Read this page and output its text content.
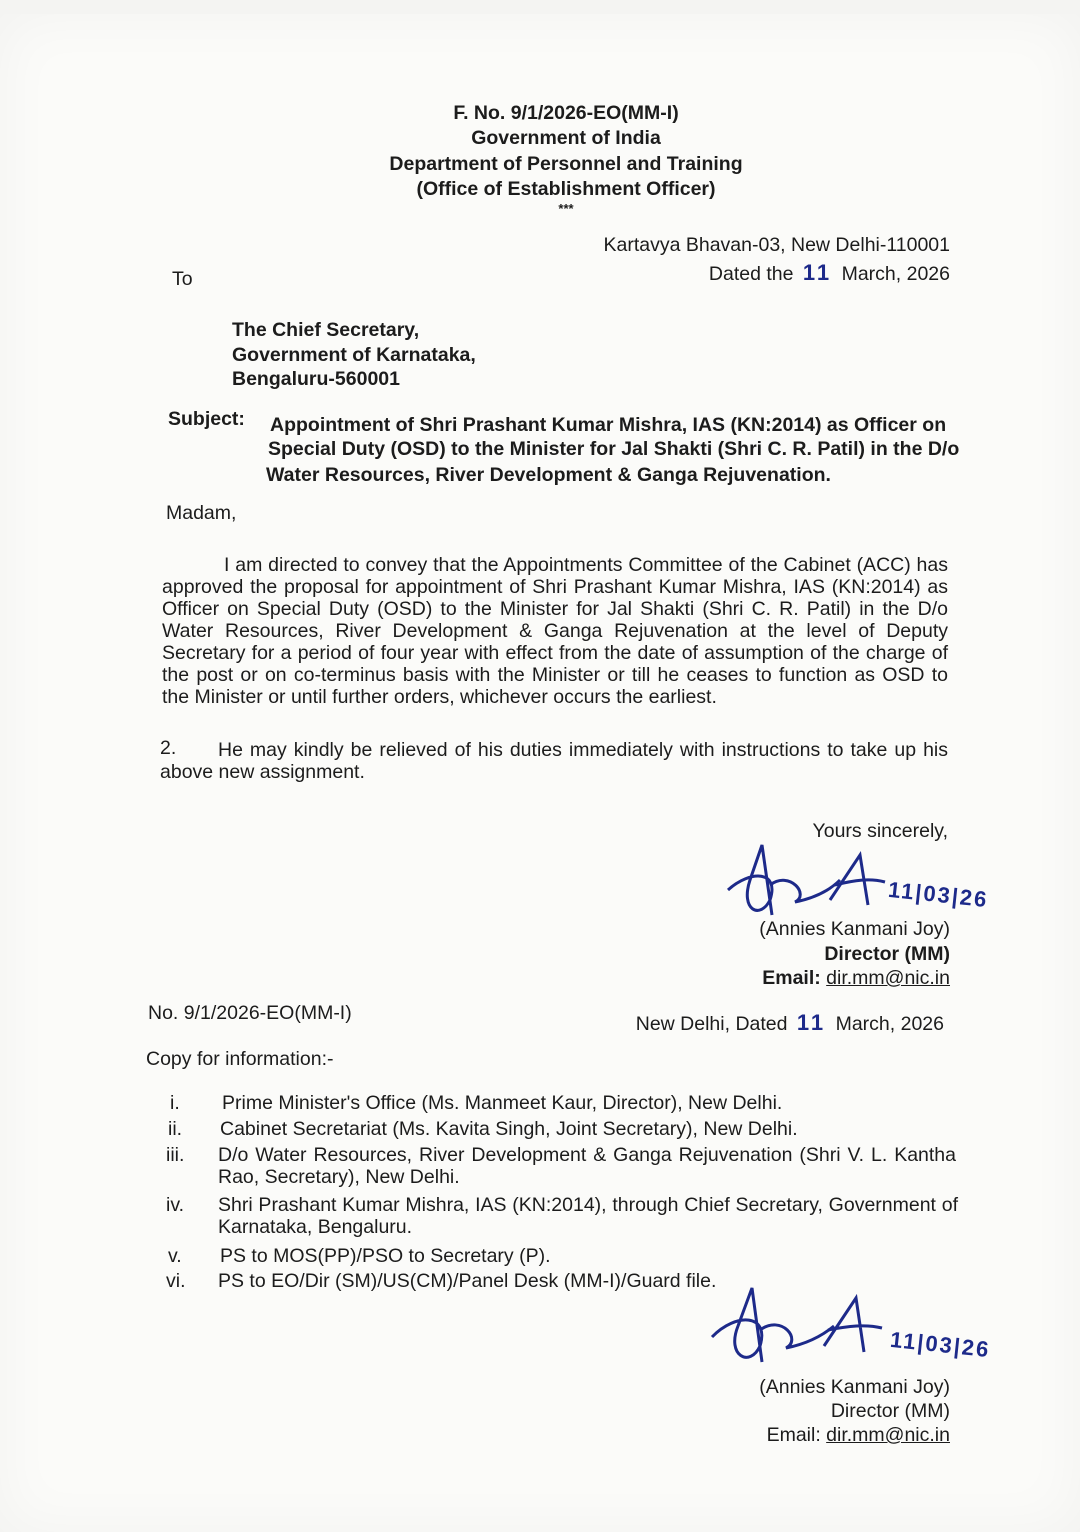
F. No. 9/1/2026-EO(MM-I)
Government of India
Department of Personnel and Training
(Office of Establishment Officer)
***
Kartavya Bhavan-03, New Delhi-110001
Dated the 11 March, 2026
To
The Chief Secretary,
Government of Karnataka,
Bengaluru-560001
Subject: Appointment of Shri Prashant Kumar Mishra, IAS (KN:2014) as Officer on
Special Duty (OSD) to the Minister for Jal Shakti (Shri C. R. Patil) in the D/o
Water Resources, River Development & Ganga Rejuvenation.
Madam,
I am directed to convey that the Appointments Committee of the Cabinet (ACC) has approved the proposal for appointment of Shri Prashant Kumar Mishra, IAS (KN:2014) as Officer on Special Duty (OSD) to the Minister for Jal Shakti (Shri C. R. Patil) in the D/o Water Resources, River Development & Ganga Rejuvenation at the level of Deputy Secretary for a period of four year with effect from the date of assumption of the charge of the post or on co-terminus basis with the Minister or till he ceases to function as OSD to the Minister or until further orders, whichever occurs the earliest.
2.	He may kindly be relieved of his duties immediately with instructions to take up his above new assignment.
Yours sincerely,
11|03|26
(Annies Kanmani Joy)
Director (MM)
Email: dir.mm@nic.in
No. 9/1/2026-EO(MM-I)	New Delhi, Dated 11 March, 2026
Copy for information:-
i.	Prime Minister's Office (Ms. Manmeet Kaur, Director), New Delhi.
ii.	Cabinet Secretariat (Ms. Kavita Singh, Joint Secretary), New Delhi.
iii.	D/o Water Resources, River Development & Ganga Rejuvenation (Shri V. L. Kantha Rao, Secretary), New Delhi.
iv.	Shri Prashant Kumar Mishra, IAS (KN:2014), through Chief Secretary, Government of Karnataka, Bengaluru.
v.	PS to MOS(PP)/PSO to Secretary (P).
vi.	PS to EO/Dir (SM)/US(CM)/Panel Desk (MM-I)/Guard file.
11|03|26
(Annies Kanmani Joy)
Director (MM)
Email: dir.mm@nic.in
